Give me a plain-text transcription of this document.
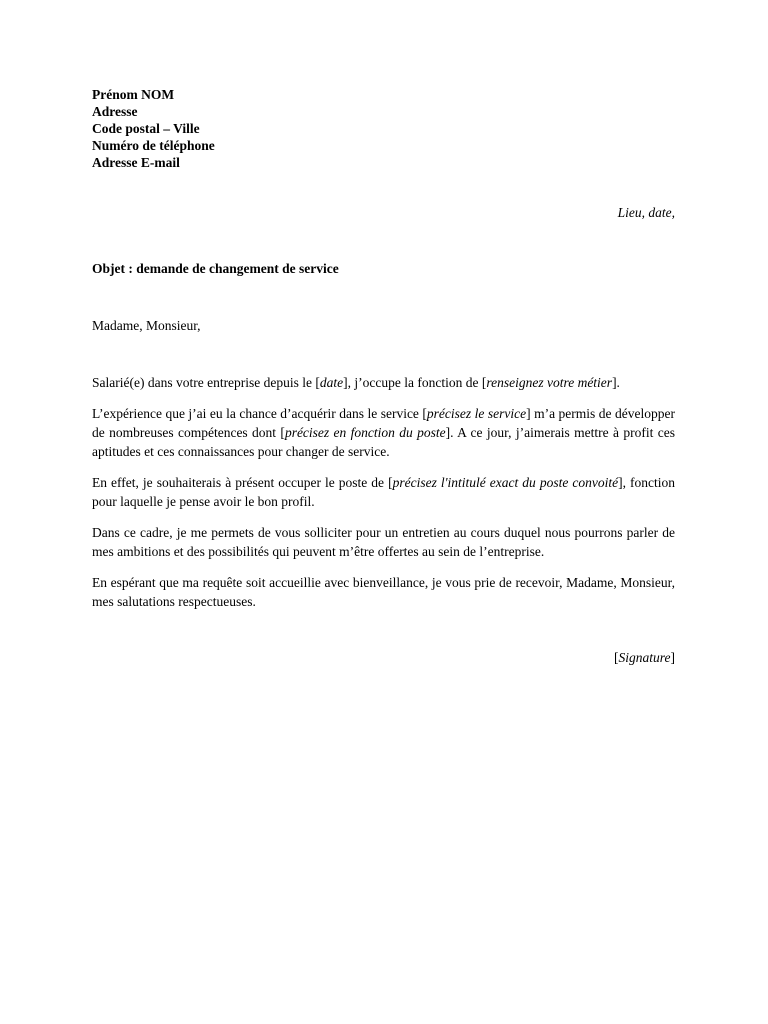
Prénom NOM
Adresse
Code postal – Ville
Numéro de téléphone
Adresse E-mail
Lieu, date,
Objet : demande de changement de service
Madame, Monsieur,

Salarié(e) dans votre entreprise depuis le [date], j’occupe la fonction de [renseignez votre métier].

L’expérience que j’ai eu la chance d’acquérir dans le service [précisez le service] m’a permis de développer de nombreuses compétences dont [précisez en fonction du poste]. A ce jour, j’aimerais mettre à profit ces aptitudes et ces connaissances pour changer de service.

En effet, je souhaiterais à présent occuper le poste de [précisez l'intitulé exact du poste convoité], fonction pour laquelle je pense avoir le bon profil.

Dans ce cadre, je me permets de vous solliciter pour un entretien au cours duquel nous pourrons parler de mes ambitions et des possibilités qui peuvent m’être offertes au sein de l’entreprise.

En espérant que ma requête soit accueillie avec bienveillance, je vous prie de recevoir, Madame, Monsieur, mes salutations respectueuses.

[Signature]
